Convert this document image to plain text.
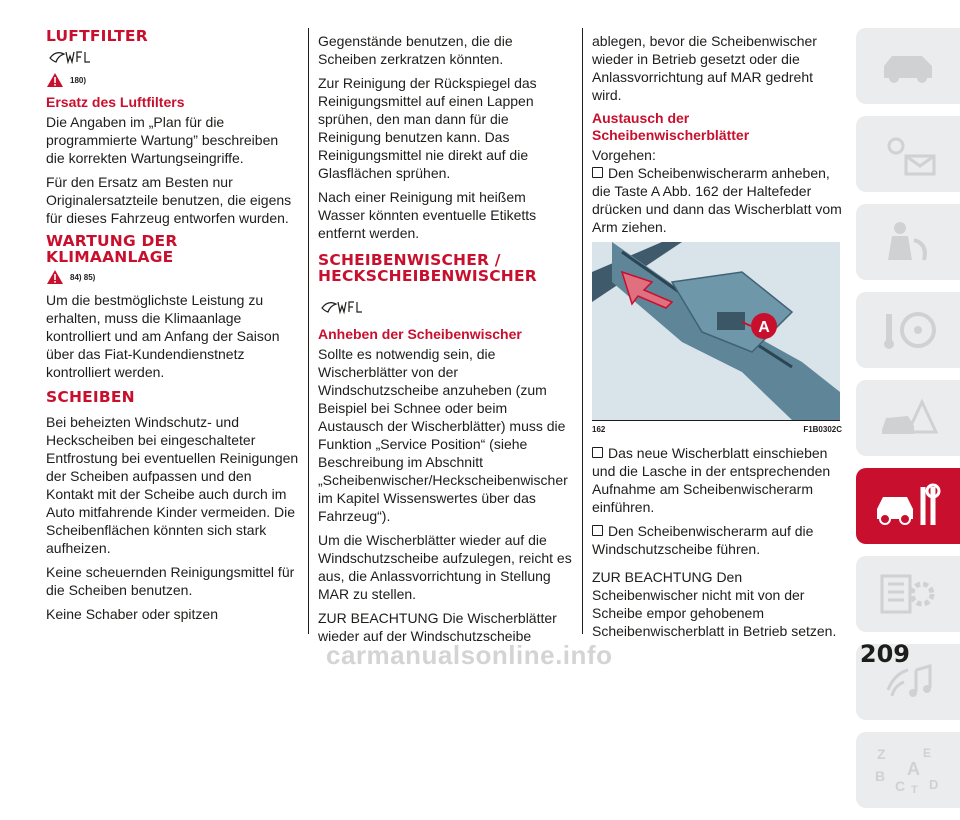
LUFTFILTER
180)
Ersatz des Luftfilters

Die Angaben im „Plan für die programmierte Wartung” beschreiben die korrekten Wartungseingriffe.

Für den Ersatz am Besten nur Originalersatzteile benutzen, die eigens für dieses Fahrzeug entworfen wurden.

WARTUNG DER KLIMAANLAGE
84) 85)

Um die bestmöglichste Leistung zu erhalten, muss die Klimaanlage kontrolliert und am Anfang der Saison über das Fiat-Kundendienstnetz kontrolliert werden.

SCHEIBEN

Bei beheizten Windschutz- und Heckscheiben bei eingeschalteter Entfrostung bei eventuellen Reinigungen der Scheiben aufpassen und den Kontakt mit der Scheibe auch durch im Auto mitfahrende Kinder vermeiden. Die Scheibenflächen könnten sich stark aufheizen.

Keine scheuernden Reinigungsmittel für die Scheiben benutzen.

Keine Schaber oder spitzen

Gegenstände benutzen, die die Scheiben zerkratzen könnten.

Zur Reinigung der Rückspiegel das Reinigungsmittel auf einen Lappen sprühen, den man dann für die Reinigung benutzen kann. Das Reinigungsmittel nie direkt auf die Glasflächen sprühen.

Nach einer Reinigung mit heißem Wasser könnten eventuelle Etiketts entfernt werden.

SCHEIBENWISCHER / HECKSCHEIBENWISCHER
Anheben der Scheibenwischer

Sollte es notwendig sein, die Wischerblätter von der Windschutzscheibe anzuheben (zum Beispiel bei Schnee oder beim Austausch der Wischerblätter) muss die Funktion „Service Position“ (siehe Beschreibung im Abschnitt „Scheibenwischer/Heckscheibenwischer im Kapitel Wissenswertes über das Fahrzeug“).

Um die Wischerblätter wieder auf die Windschutzscheibe aufzulegen, reicht es aus, die Anlassvorrichtung in Stellung MAR zu stellen.

ZUR BEACHTUNG Die Wischerblätter wieder auf der Windschutzscheibe

ablegen, bevor die Scheibenwischer wieder in Betrieb gesetzt oder die Anlassvorrichtung auf MAR gedreht wird.

Austausch der Scheibenwischerblätter

Vorgehen:

Den Scheibenwischerarm anheben, die Taste A Abb. 162 der Haltefeder drücken und dann das Wischerblatt vom Arm ziehen.

A
162	F1B0302C

Das neue Wischerblatt einschieben und die Lasche in der entsprechenden Aufnahme am Scheibenwischerarm einführen.

Den Scheibenwischerarm auf die Windschutzscheibe führen.

ZUR BEACHTUNG Den Scheibenwischer nicht mit von der Scheibe empor gehobenem Scheibenwischerblatt in Betrieb setzen.

Z	E
A
B
C D
T
carmanualsonline.info	209
